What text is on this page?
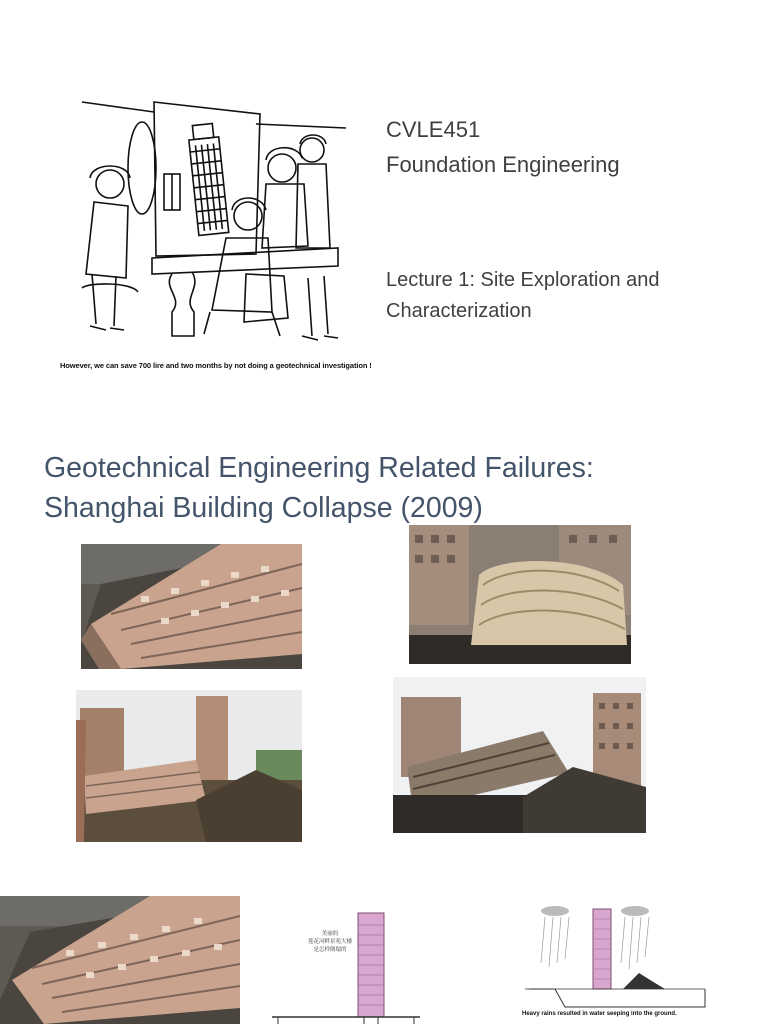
However, we can save 700 lire and two months by not doing a geotechnical investigation !
CVLE451
Foundation Engineering
Lecture 1: Site Exploration and Characterization
Geotechnical Engineering Related Failures:
Shanghai Building Collapse (2009)
美丽的
莲花河畔景苑大楼
是怎样倒塌的
Heavy rains resulted in water seeping into the ground.
